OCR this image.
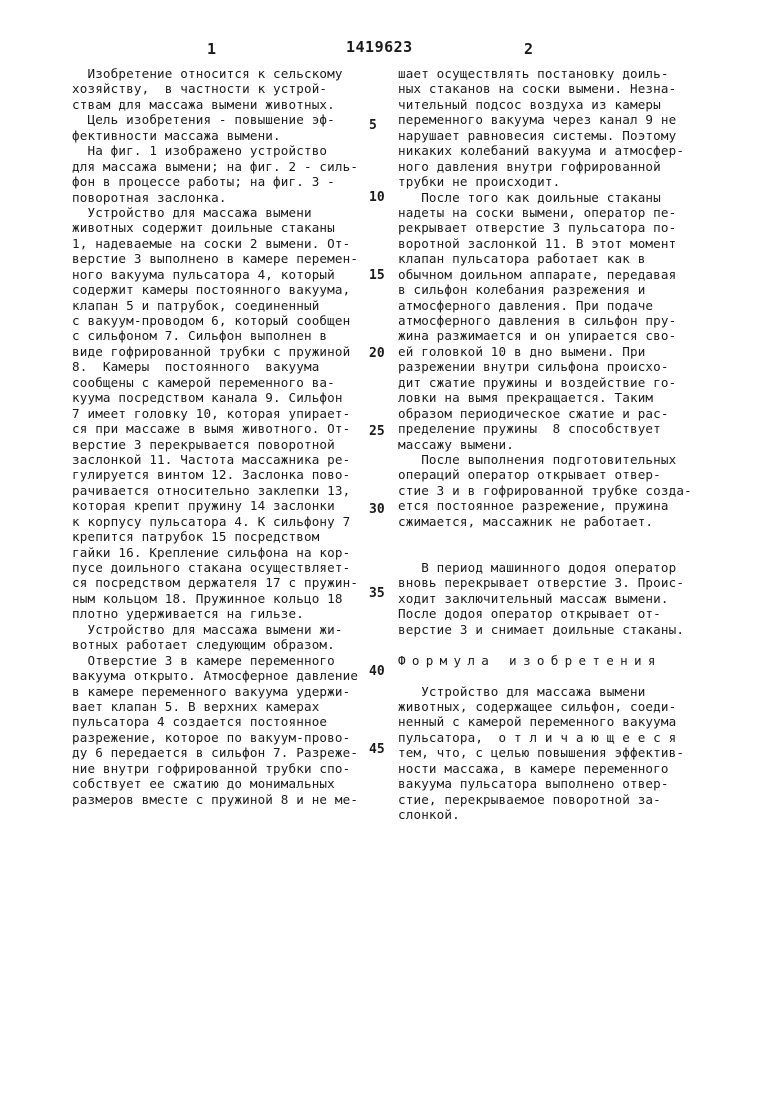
1	1419623	2
Изобретение относится к сельскому
хозяйству,  в частности к устрой-
ствам для массажа вымени животных.
Цель изобретения - повышение эф-
фективности массажа вымени.
На фиг. 1 изображено устройство
для массажа вымени; на фиг. 2 - силь-
фон в процессе работы; на фиг. 3 -
поворотная заслонка.
Устройство для массажа вымени
животных содержит доильные стаканы
1, надеваемые на соски 2 вымени. От-
верстие 3 выполнено в камере перемен-
ного вакуума пульсатора 4, который
содержит камеры постоянного вакуума,
клапан 5 и патрубок, соединенный
с вакуум-проводом 6, который сообщен
с сильфоном 7. Сильфон выполнен в
виде гофрированной трубки с пружиной
8.  Камеры  постоянного  вакуума
сообщены с камерой переменного ва-
куума посредством канала 9. Сильфон
7 имеет головку 10, которая упирает-
ся при массаже в вымя животного. От-
верстие 3 перекрывается поворотной
заслонкой 11. Частота массажника ре-
гулируется винтом 12. Заслонка пово-
рачивается относительно заклепки 13,
которая крепит пружину 14 заслонки
к корпусу пульсатора 4. К сильфону 7
крепится патрубок 15 посредством
гайки 16. Крепление сильфона на кор-
пусе доильного стакана осуществляет-
ся посредством держателя 17 с пружин-
ным кольцом 18. Пружинное кольцо 18
плотно удерживается на гильзе.
Устройство для массажа вымени жи-
вотных работает следующим образом.
Отверстие 3 в камере переменного
вакуума открыто. Атмосферное давление
в камере переменного вакуума удержи-
вает клапан 5. В верхних камерах
пульсатора 4 создается постоянное
разрежение, которое по вакуум-прово-
ду 6 передается в сильфон 7. Разреже-
ние внутри гофрированной трубки спо-
собствует ее сжатию до монимальных
размеров вместе с пружиной 8 и не ме-
шает осуществлять постановку доиль-
ных стаканов на соски вымени. Незна-
чительный подсос воздуха из камеры
переменного вакуума через канал 9 не
нарушает равновесия системы. Поэтому
никаких колебаний вакуума и атмосфер-
ного давления внутри гофрированной
трубки не происходит.
После того как доильные стаканы
надеты на соски вымени, оператор пе-
рекрывает отверстие 3 пульсатора по-
воротной заслонкой 11. В этот момент
клапан пульсатора работает как в
обычном доильном аппарате, передавая
в сильфон колебания разрежения и
атмосферного давления. При подаче
атмосферного давления в сильфон пру-
жина разжимается и он упирается сво-
ей головкой 10 в дно вымени. При
разрежении внутри сильфона происхо-
дит сжатие пружины и воздействие го-
ловки на вымя прекращается. Таким
образом периодическое сжатие и рас-
пределение пружины  8 способствует
массажу вымени.
После выполнения подготовительных
операций оператор открывает отвер-
стие 3 и в гофрированной трубке созда-
ется постоянное разрежение, пружина
сжимается, массажник не работает.
В период машинного додоя оператор
вновь перекрывает отверстие 3. Проис-
ходит заключительный массаж вымени.
После додоя оператор открывает от-
верстие 3 и снимает доильные стаканы.
Формула изобретения
Устройство для массажа вымени
животных, содержащее сильфон, соеди-
ненный с камерой переменного вакуума
пульсатора,  о т л и ч а ю щ е е с я
тем, что, с целью повышения эффектив-
ности массажа, в камере переменного
вакуума пульсатора выполнено отвер-
стие, перекрываемое поворотной за-
слонкой.
5
10
15
20
25
30
35
40
45
